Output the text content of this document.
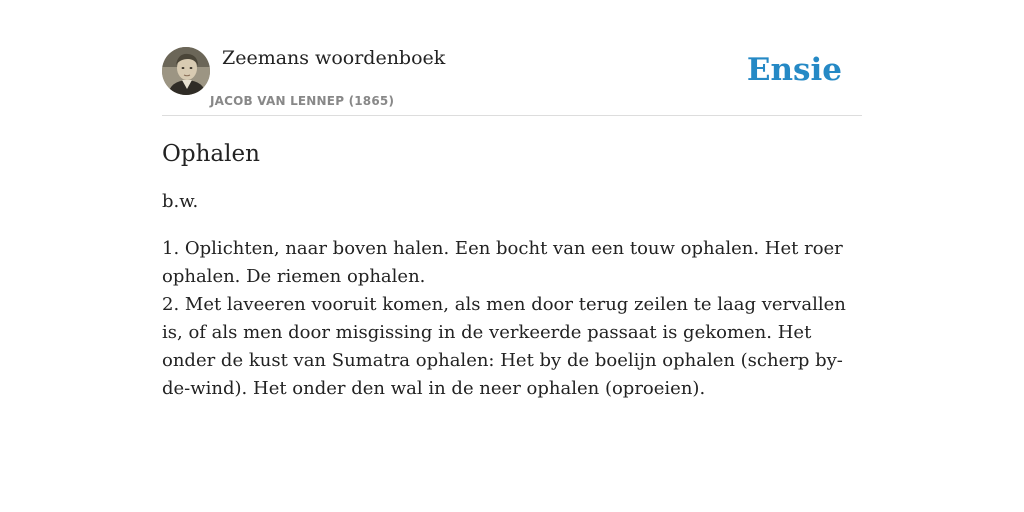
Zeemans woordenboek
JACOB VAN LENNEP (1865)
Ensie
Ophalen

b.w.

1. Oplichten, naar boven halen. Een bocht van een touw ophalen. Het roer ophalen. De riemen ophalen.
2. Met laveeren vooruit komen, als men door terug zeilen te laag vervallen is, of als men door misgissing in de verkeerde passaat is gekomen. Het onder de kust van Sumatra ophalen: Het by de boelijn ophalen (scherp by-de-wind). Het onder den wal in de neer ophalen (oproeien).
